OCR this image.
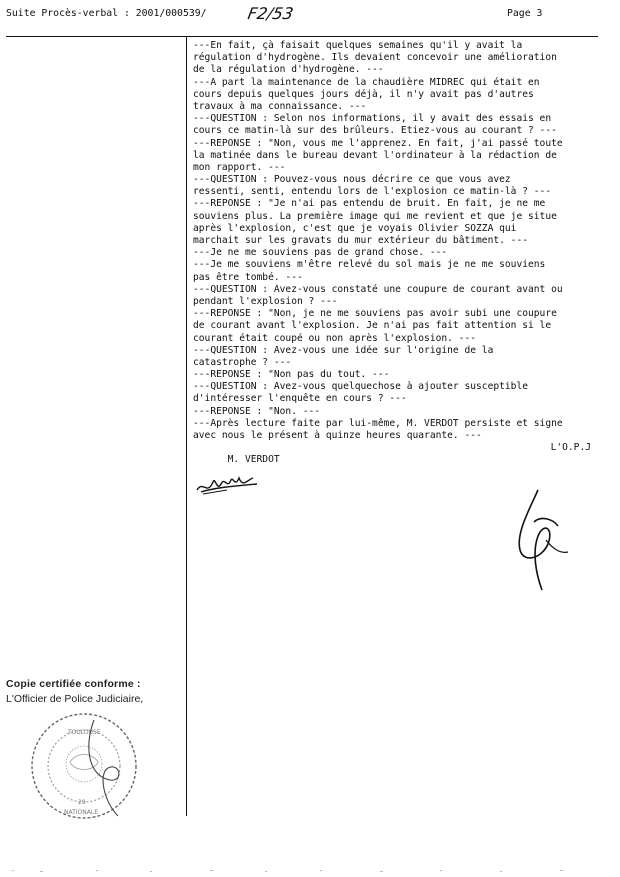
Suite Procès-verbal : 2001/000539/ F2/53	Page 3
---En fait, çà faisait quelques semaines qu'il y avait la
régulation d'hydrogène. Ils devaient concevoir une amélioration
de la régulation d'hydrogène. ---
---A part la maintenance de la chaudière MIDREC qui était en
cours depuis quelques jours déjà, il n'y avait pas d'autres
travaux à ma connaissance. ---
---QUESTION : Selon nos informations, il y avait des essais en
cours ce matin-là sur des brûleurs. Etiez-vous au courant ? ---
---REPONSE : "Non, vous me l'apprenez. En fait, j'ai passé toute
la matinée dans le bureau devant l'ordinateur à la rédaction de
mon rapport. ---
---QUESTION : Pouvez-vous nous décrire ce que vous avez
ressenti, senti, entendu lors de l'explosion ce matin-là ? ---
---REPONSE : "Je n'ai pas entendu de bruit. En fait, je ne me
souviens plus. La première image qui me revient et que je situe
après l'explosion, c'est que je voyais Olivier SOZZA qui
marchait sur les gravats du mur extérieur du bâtiment. ---
---Je ne me souviens pas de grand chose. ---
---Je me souviens m'être relevé du sol mais je ne me souviens
pas être tombé. ---
---QUESTION : Avez-vous constaté une coupure de courant avant ou
pendant l'explosion ? ---
---REPONSE : "Non, je ne me souviens pas avoir subi une coupure
de courant avant l'explosion. Je n'ai pas fait attention si le
courant était coupé ou non après l'explosion. ---
---QUESTION : Avez-vous une idée sur l'origine de la
catastrophe ? ---
---REPONSE : "Non pas du tout. ---
---QUESTION : Avez-vous quelquechose à ajouter susceptible
d'intéresser l'enquête en cours ? ---
---REPONSE : "Non. ---
---Après lecture faite par lui-même, M. VERDOT persiste et signe
avec nous le présent à quinze heures quarante. ---

M. VERDOT

L'O.P.J

Copie certifiée conforme :
L'Officier de Police Judiciaire,
TOULOUSE
29
NATIONALE
